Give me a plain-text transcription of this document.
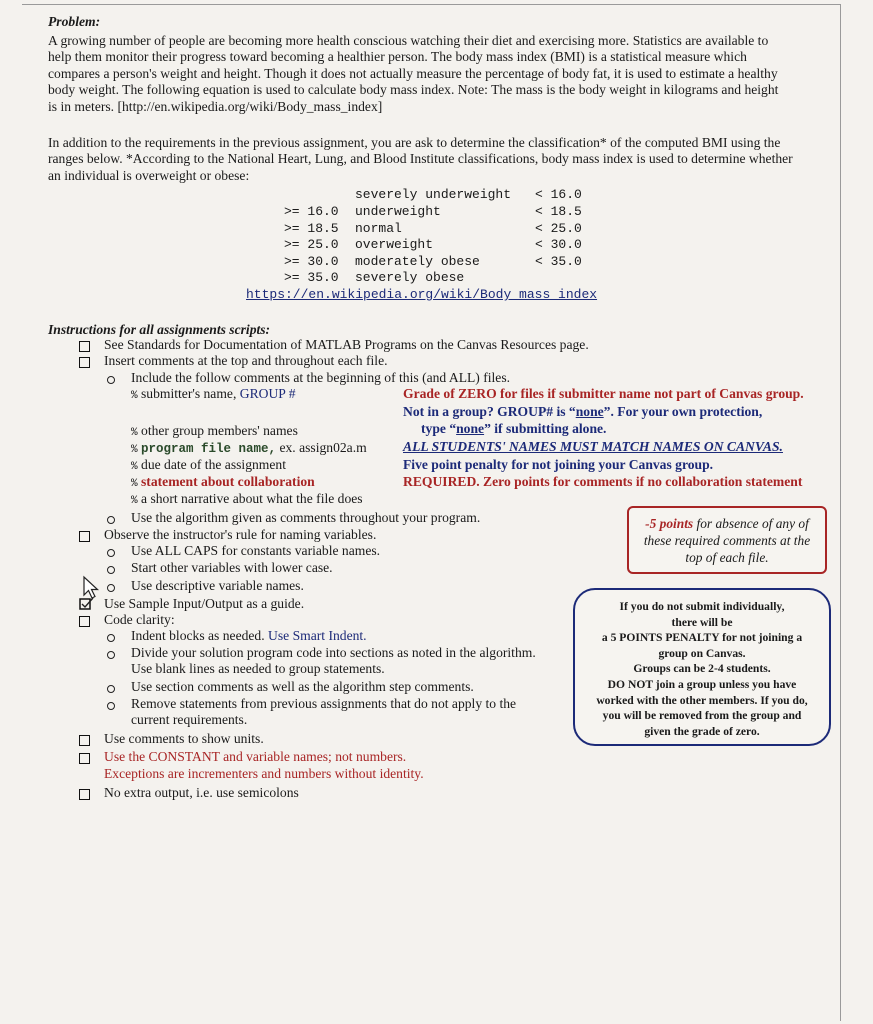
Problem:
A growing number of people are becoming more health conscious watching their diet and exercising more. Statistics are available to
help them monitor their progress toward becoming a healthier person. The body mass index (BMI) is a statistical measure which
compares a person's weight and height. Though it does not actually measure the percentage of body fat, it is used to estimate a healthy
body weight. The following equation is used to calculate body mass index. Note: The mass is the body weight in kilograms and height
is in meters. [http://en.wikipedia.org/wiki/Body_mass_index]
In addition to the requirements in the previous assignment, you are ask to determine the classification* of the computed BMI using the
ranges below. *According to the National Heart, Lung, and Blood Institute classifications, body mass index is used to determine whether
an individual is overweight or obese:
severely underweight < 16.0
>= 16.0 underweight	< 18.5
>= 18.5 normal	< 25.0
>= 25.0 overweight	< 30.0
>= 30.0 moderately obese	< 35.0
>= 35.0 severely obese
https://en.wikipedia.org/wiki/Body_mass_index
Instructions for all assignments scripts:
See Standards for Documentation of MATLAB Programs on the Canvas Resources page.
Insert comments at the top and throughout each file.
Include the follow comments at the beginning of this (and ALL) files.
% submitter's name, GROUP #
% other group members' names
% program file name, ex. assign02a.m
% due date of the assignment
% statement about collaboration
% a short narrative about what the file does
Grade of ZERO for files if submitter name not part of Canvas group.
Not in a group? GROUP# is “none”. For your own protection,
type “none” if submitting alone.
ALL STUDENTS' NAMES MUST MATCH NAMES ON CANVAS.
Five point penalty for not joining your Canvas group.
REQUIRED. Zero points for comments if no collaboration statement
Use the algorithm given as comments throughout your program.
Observe the instructor's rule for naming variables.
Use ALL CAPS for constants variable names.
Start other variables with lower case.
Use descriptive variable names.
Use Sample Input/Output as a guide.
Code clarity:
Indent blocks as needed. Use Smart Indent.
Divide your solution program code into sections as noted in the algorithm.
Use blank lines as needed to group statements.
Use section comments as well as the algorithm step comments.
Remove statements from previous assignments that do not apply to the
current requirements.
Use comments to show units.
Use the CONSTANT and variable names; not numbers.
Exceptions are incrementers and numbers without identity.
No extra output, i.e. use semicolons
-5 points for absence of any of
these required comments at the
top of each file.
If you do not submit individually,
there will be
a 5 POINTS PENALTY for not joining a
group on Canvas.
Groups can be 2-4 students.
DO NOT join a group unless you have
worked with the other members. If you do,
you will be removed from the group and
given the grade of zero.
